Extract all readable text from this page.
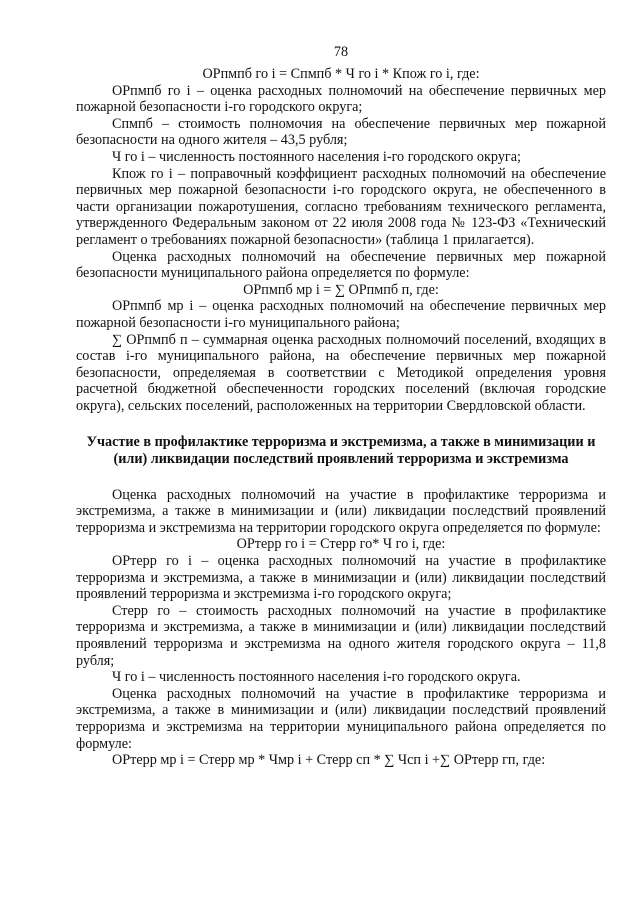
78

ОРпмпб го i = Спмпб * Ч го i * Кпож го i, где:

ОРпмпб го i – оценка расходных полномочий на обеспечение первичных мер пожарной безопасности i-го городского округа;

Спмпб – стоимость полномочия на обеспечение первичных мер пожарной безопасности на одного жителя – 43,5 рубля;

Ч го i – численность постоянного населения i-го городского округа;

Кпож го i – поправочный коэффициент расходных полномочий на обеспечение первичных мер пожарной безопасности i-го городского округа, не обеспеченного в части организации пожаротушения, согласно требованиям технического регламента, утвержденного Федеральным законом от 22 июля 2008 года № 123-ФЗ «Технический регламент о требованиях пожарной безопасности» (таблица 1 прилагается).

Оценка расходных полномочий на обеспечение первичных мер пожарной безопасности муниципального района определяется по формуле:

ОРпмпб мр i = ∑ ОРпмпб п, где:

ОРпмпб мр i – оценка расходных полномочий на обеспечение первичных мер пожарной безопасности i-го муниципального района;

∑ ОРпмпб п – суммарная оценка расходных полномочий поселений, входящих в состав i-го муниципального района, на обеспечение первичных мер пожарной безопасности, определяемая в соответствии с Методикой определения уровня расчетной бюджетной обеспеченности городских поселений (включая городские округа), сельских поселений, расположенных на территории Свердловской области.

Участие в профилактике терроризма и экстремизма, а также в минимизации и (или) ликвидации последствий проявлений терроризма и экстремизма

Оценка расходных полномочий на участие в профилактике терроризма и экстремизма, а также в минимизации и (или) ликвидации последствий проявлений терроризма и экстремизма на территории городского округа определяется по формуле:

ОРтерр го i = Стерр го* Ч го i, где:

ОРтерр го i – оценка расходных полномочий на участие в профилактике терроризма и экстремизма, а также в минимизации и (или) ликвидации последствий проявлений терроризма и экстремизма i-го городского округа;

Стерр го – стоимость расходных полномочий на участие в профилактике терроризма и экстремизма, а также в минимизации и (или) ликвидации последствий проявлений терроризма и экстремизма на одного жителя городского округа – 11,8 рубля;

Ч го i – численность постоянного населения i-го городского округа.

Оценка расходных полномочий на участие в профилактике терроризма и экстремизма, а также в минимизации и (или) ликвидации последствий проявлений терроризма и экстремизма на территории муниципального района определяется по формуле:

ОРтерр мр i = Стерр мр * Чмр i + Стерр сп * ∑ Чсп i +∑ ОРтерр гп, где:
